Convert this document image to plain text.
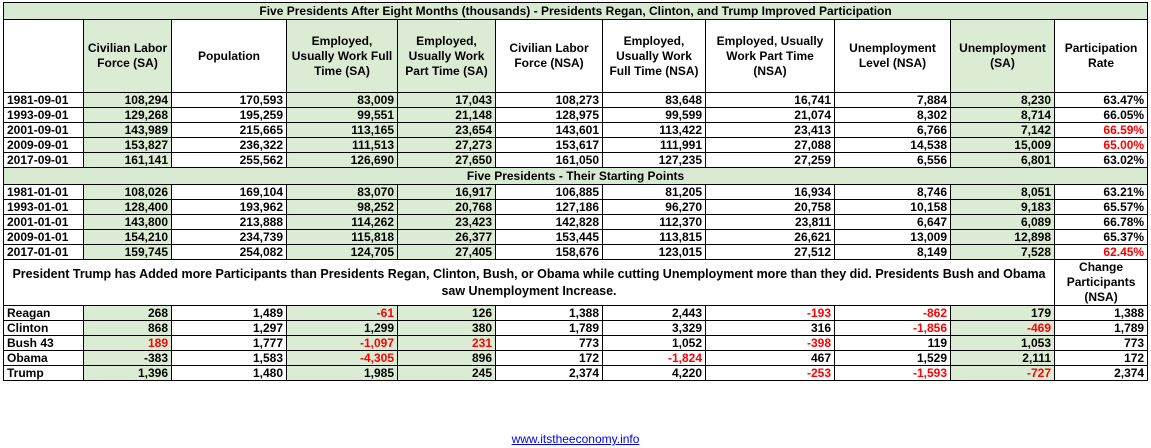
Five Presidents After Eight Months (thousands) - Presidents Regan, Clinton, and Trump Improved Participation										
	Civilian Labor Force (SA)	Population	Employed, Usually Work Full Time (SA)	Employed, Usually Work Part Time (SA)	Civilian Labor Force (NSA)	Employed, Usually Work Full Time (NSA)	Employed, Usually Work Part Time (NSA)	Unemployment Level (NSA)	Unemployment (SA)	Participation Rate
1981-09-01	108,294	170,593	83,009	17,043	108,273	83,648	16,741	7,884	8,230	63.47%
1993-09-01	129,268	195,259	99,551	21,148	128,975	99,599	21,074	8,302	8,714	66.05%
2001-09-01	143,989	215,665	113,165	23,654	143,601	113,422	23,413	6,766	7,142	66.59%
2009-09-01	153,827	236,322	111,513	27,273	153,617	111,991	27,088	14,538	15,009	65.00%
2017-09-01	161,141	255,562	126,690	27,650	161,050	127,235	27,259	6,556	6,801	63.02%
Five Presidents - Their Starting Points										
1981-01-01	108,026	169,104	83,070	16,917	106,885	81,205	16,934	8,746	8,051	63.21%
1993-01-01	128,400	193,962	98,252	20,768	127,186	96,270	20,758	10,158	9,183	65.57%
2001-01-01	143,800	213,888	114,262	23,423	142,828	112,370	23,811	6,647	6,089	66.78%
2009-01-01	154,210	234,739	115,818	26,377	153,445	113,815	26,621	13,009	12,898	65.37%
2017-01-01	159,745	254,082	124,705	27,405	158,676	123,015	27,512	8,149	7,528	62.45%
President Trump has Added more Participants than Presidents Regan, Clinton, Bush, or Obama while cutting Unemployment more than they did. Presidents Bush and Obama saw Unemployment Increase.										Change Participants (NSA)
Reagan	268	1,489	-61	126	1,388	2,443	-193	-862	179	1,388
Clinton	868	1,297	1,299	380	1,789	3,329	316	-1,856	-469	1,789
Bush 43	189	1,777	-1,097	231	773	1,052	-398	119	1,053	773
Obama	-383	1,583	-4,305	896	172	-1,824	467	1,529	2,111	172
Trump	1,396	1,480	1,985	245	2,374	4,220	-253	-1,593	-727	2,374
www.itstheeconomy.info
